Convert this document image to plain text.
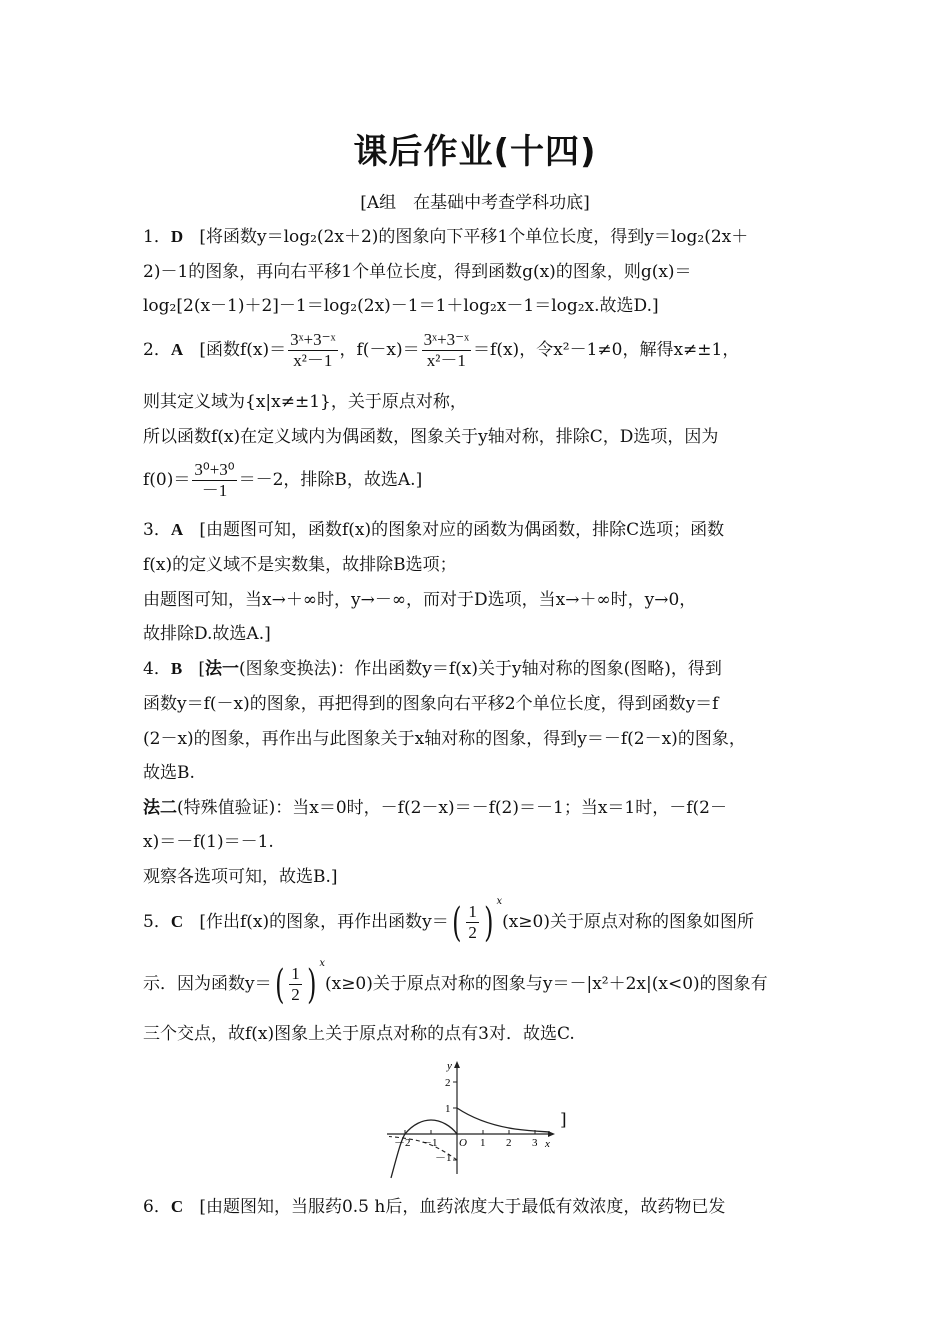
课后作业(十四)
[A组　在基础中考查学科功底]
1．D [将函数y＝log₂(2x＋2)的图象向下平移1个单位长度，得到y＝log₂(2x＋
2)－1的图象，再向右平移1个单位长度，得到函数g(x)的图象，则g(x)＝
log₂[2(x－1)＋2]－1＝log₂(2x)－1＝1＋log₂x－1＝log₂x.故选D.]
2．A [函数$f(x)= \frac{\text{3ˣ+3⁻ˣ}}{\text{x²－1}}$ ，$f(-x)= \frac{\text{3ˣ+3⁻ˣ}}{\text{x²－1}} =f(x)$，令x²－1≠0，解得x≠±1，
则其定义域为{x|x≠±1}，关于原点对称，
所以函数f(x)在定义域内为偶函数，图象关于y轴对称，排除C，D选项，因为
$f(0)= \frac{\text{3⁰+3⁰}}{-1} =-2$，排除B，故选A.]
3．A [由题图可知，函数f(x)的图象对应的函数为偶函数，排除C选项；函数
f(x)的定义域不是实数集，故排除B选项；
由题图可知，当x→＋∞时，y→－∞，而对于D选项，当x→＋∞时，y→0，
故排除D.故选A.]
4．B   [法一(图象变换法)：作出函数y＝f(x)关于y轴对称的图象(图略)，得到
函数y＝f(－x)的图象，再把得到的图象向右平移2个单位长度，得到函数y＝f
(2－x)的图象，再作出与此图象关于x轴对称的图象，得到y＝－f(2－x)的图象，
故选B.
法二(特殊值验证)：当x＝0时，－f(2－x)＝－f(2)＝－1；当x＝1时，－f(2－
x)＝－f(1)＝－1.
观察各选项可知，故选B.]
5．C [作出f(x)的图象，再作出函数$y=( \frac{1}{2}$ ) $^x$(x≥0)关于原点对称的图象如图所
示．因为函数$y=( \frac{1}{2}$ ) $^x$(x≥0)关于原点对称的图象与y＝－|x²＋2x|(x<0)的图象有
三个交点，故f(x)图象上关于原点对称的点有3对．故选C.
y
x
O
2
1
－1
－2 －1	1 2 3
]
6．C [由题图知，当服药0.5 h后，血药浓度大于最低有效浓度，故药物已发
